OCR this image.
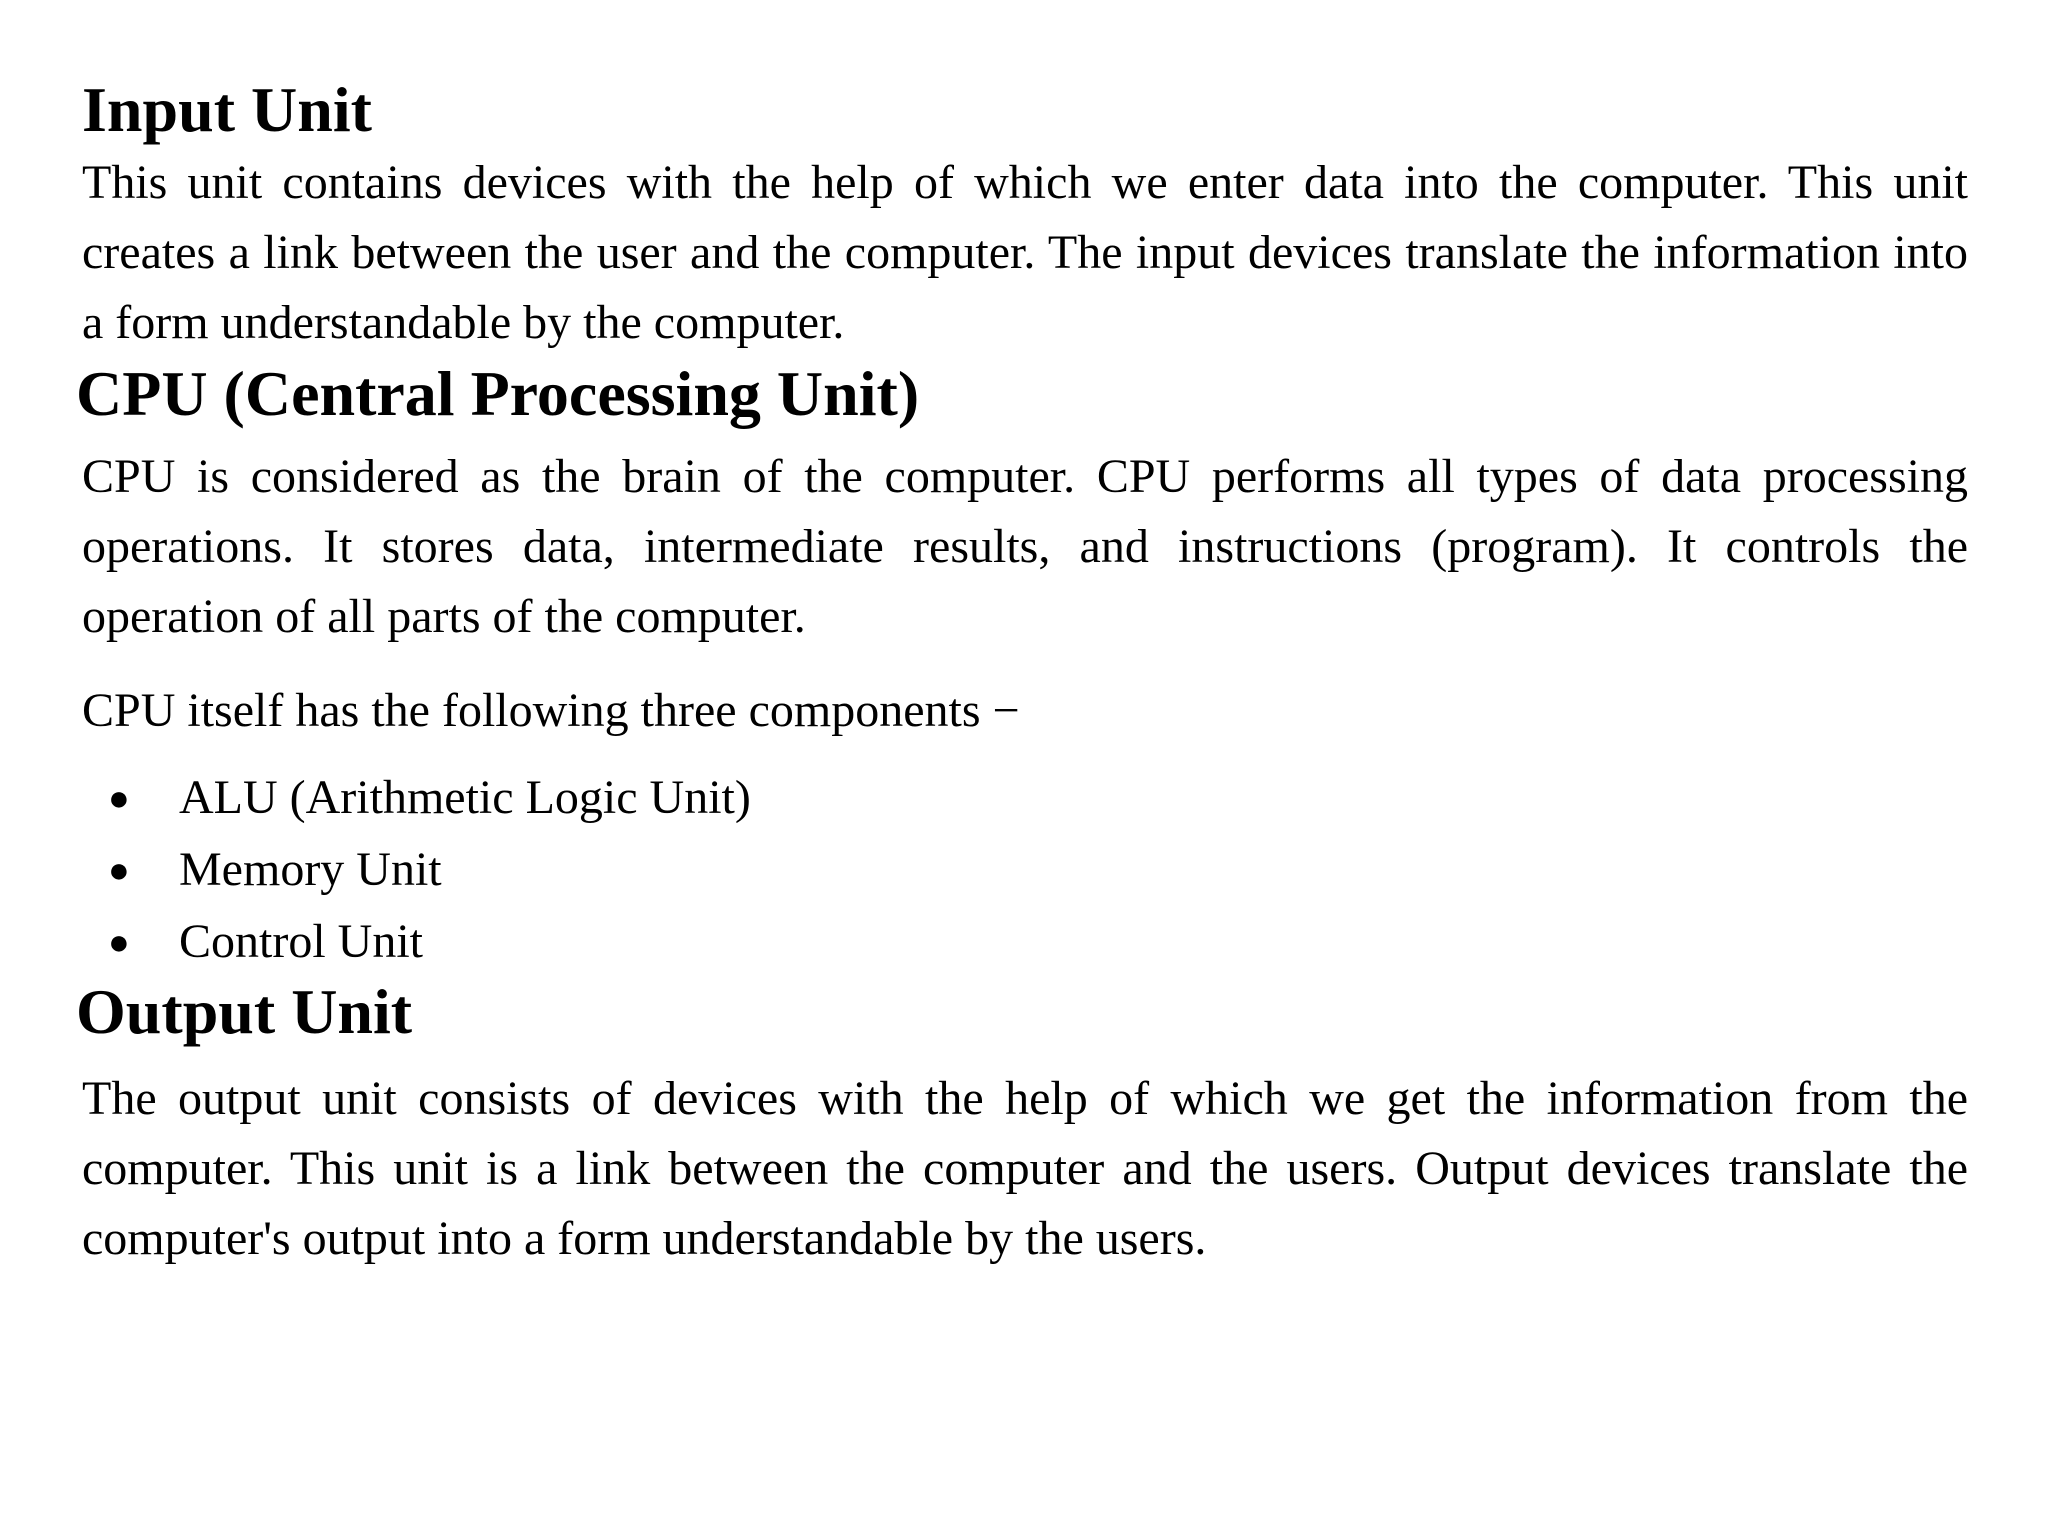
Input Unit

This unit contains devices with the help of which we enter data into the computer. This unit creates a link between the user and the computer. The input devices translate the information into a form understandable by the computer.

CPU (Central Processing Unit)

CPU is considered as the brain of the computer. CPU performs all types of data processing operations. It stores data, intermediate results, and instructions (program). It controls the operation of all parts of the computer.

CPU itself has the following three components −

● ALU (Arithmetic Logic Unit)
● Memory Unit
● Control Unit
Output Unit

The output unit consists of devices with the help of which we get the information from the computer. This unit is a link between the computer and the users. Output devices translate the computer's output into a form understandable by the users.
